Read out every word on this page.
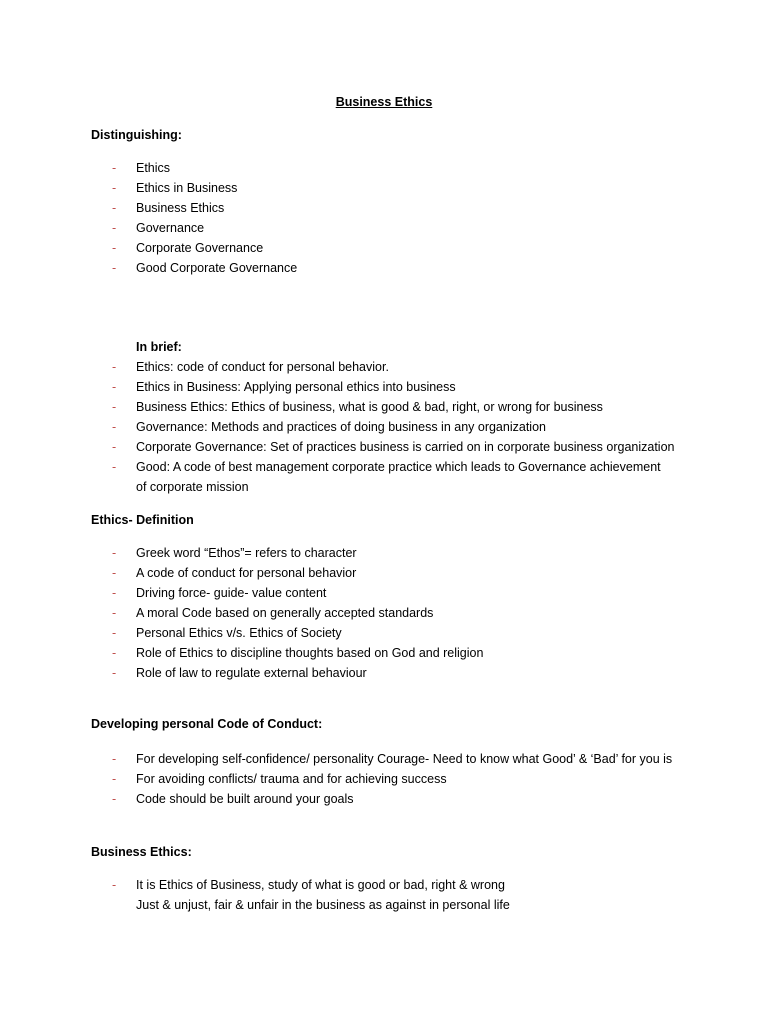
Business Ethics
Distinguishing:
- Ethics
- Ethics in Business
- Business Ethics
- Governance
- Corporate Governance
- Good Corporate Governance
In brief:
- Ethics: code of conduct for personal behavior.
- Ethics in Business: Applying personal ethics into business
- Business Ethics: Ethics of business, what is good & bad, right, or wrong for business
- Governance: Methods and practices of doing business in any organization
- Corporate Governance: Set of practices business is carried on in corporate business organization
- Good: A code of best management corporate practice which leads to Governance achievement of corporate mission
Ethics- Definition
- Greek word “Ethos”= refers to character
- A code of conduct for personal behavior
- Driving force- guide- value content
- A moral Code based on generally accepted standards
- Personal Ethics v/s. Ethics of Society
- Role of Ethics to discipline thoughts based on God and religion
- Role of law to regulate external behaviour
Developing personal Code of Conduct:
- For developing self-confidence/ personality Courage- Need to know what Good’ & ‘Bad’ for you is
- For avoiding conflicts/ trauma and for achieving success
- Code should be built around your goals
Business Ethics:
- It is Ethics of Business, study of what is good or bad, right & wrong
Just & unjust, fair & unfair in the business as against in personal life
